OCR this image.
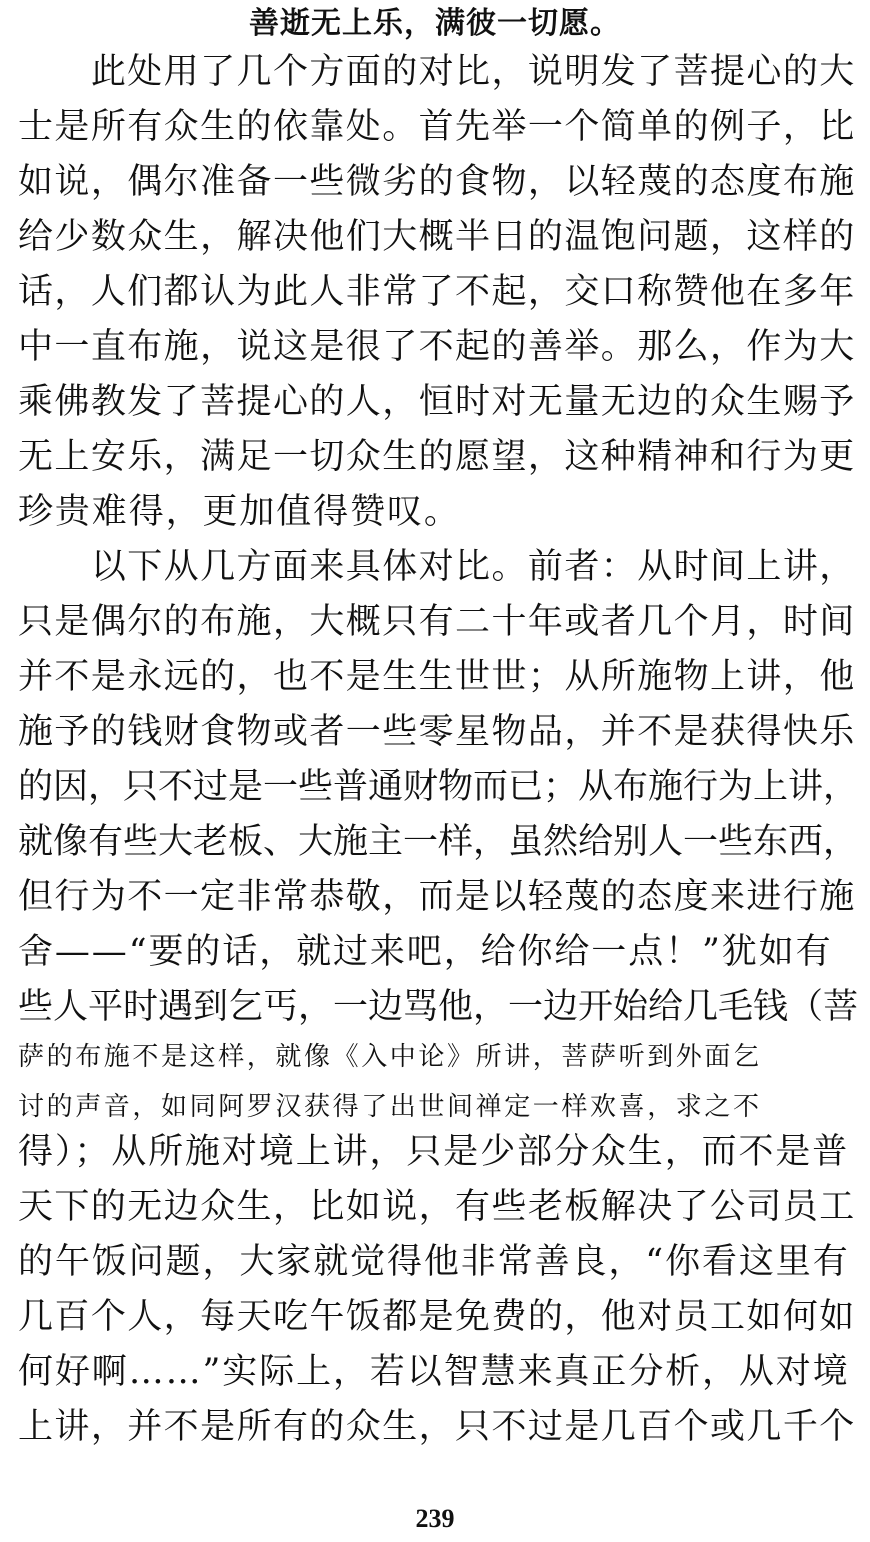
善逝无上乐，满彼一切愿。
　　此处用了几个方面的对比，说明发了菩提心的大
士是所有众生的依靠处。首先举一个简单的例子，比
如说，偶尔准备一些微劣的食物，以轻蔑的态度布施
给少数众生，解决他们大概半日的温饱问题，这样的
话，人们都认为此人非常了不起，交口称赞他在多年
中一直布施，说这是很了不起的善举。那么，作为大
乘佛教发了菩提心的人，恒时对无量无边的众生赐予
无上安乐，满足一切众生的愿望，这种精神和行为更
珍贵难得，更加值得赞叹。
　　以下从几方面来具体对比。前者：从时间上讲，
只是偶尔的布施，大概只有二十年或者几个月，时间
并不是永远的，也不是生生世世；从所施物上讲，他
施予的钱财食物或者一些零星物品，并不是获得快乐
的因，只不过是一些普通财物而已；从布施行为上讲，
就像有些大老板、大施主一样，虽然给别人一些东西，
但行为不一定非常恭敬，而是以轻蔑的态度来进行施
舍——“要的话，就过来吧，给你给一点！”犹如有
些人平时遇到乞丐，一边骂他，一边开始给几毛钱（菩
萨的布施不是这样，就像《入中论》所讲，菩萨听到外面乞
讨的声音，如同阿罗汉获得了出世间禅定一样欢喜，求之不
得）；从所施对境上讲，只是少部分众生，而不是普
天下的无边众生，比如说，有些老板解决了公司员工
的午饭问题，大家就觉得他非常善良，“你看这里有
几百个人，每天吃午饭都是免费的，他对员工如何如
何好啊……”实际上，若以智慧来真正分析，从对境
上讲，并不是所有的众生，只不过是几百个或几千个
239
